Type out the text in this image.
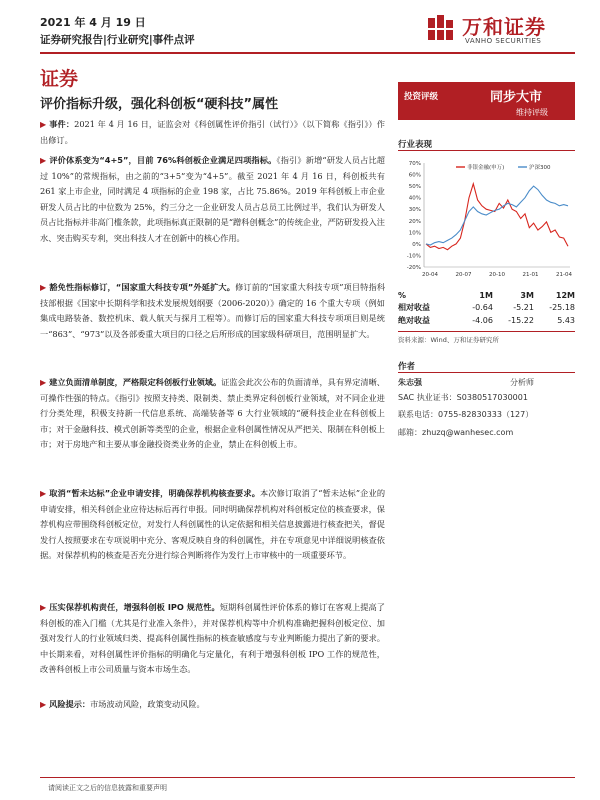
2021 年 4 月 19 日
证券研究报告|行业研究|事件点评
万和证券
VANHO SECURITIES
证券
评价指标升级，强化科创板“硬科技”属性
▶ 事件：2021 年 4 月 16 日，证监会对《科创属性评价指引（试行）》（以下简称《指引》）作出修订。
▶ 评价体系变为“4+5”，目前 76%科创板企业满足四项指标。《指引》新增“研发人员占比超过 10%”的常规指标，由之前的“3+5”变为“4+5”。截至 2021 年 4 月 16 日，科创板共有 261 家上市企业，同时满足 4 项指标的企业 198 家，占比 75.86%。2019 年科创板上市企业研发人员占比的中位数为 25%，约三分之一企业研发人员占总员工比例过半，我们认为研发人员占比指标并非高门槛条款，此项指标真正限制的是“蹭科创概念”的传统企业，严防研发投入注水、突击购买专利，突出科技人才在创新中的核心作用。
▶ 豁免性指标修订，“国家重大科技专项”外延扩大。修订前的“国家重大科技专项”项目特指科技部根据《国家中长期科学和技术发展规划纲要（2006-2020）》确定的 16 个重大专项（例如集成电路装备、数控机床、载人航天与探月工程等）。而修订后的国家重大科技专项项目则是统一“863”、“973”以及各部委重大项目的口径之后所形成的国家级科研项目，范围明显扩大。
▶ 建立负面清单制度，严格限定科创板行业领域。证监会此次公布的负面清单，具有界定清晰、可操作性强的特点。《指引》按照支持类、限制类、禁止类界定科创板行业领域，对不同企业进行分类处理，积极支持新一代信息系统、高端装备等 6 大行业领域的“硬科技企业在科创板上市；对于金融科技、模式创新等类型的企业，根据企业科创属性情况从严把关、限制在科创板上市；对于房地产和主要从事金融投资类业务的企业，禁止在科创板上市。
▶ 取消“暂未达标”企业申请安排，明确保荐机构核查要求。本次修订取消了“暂未达标”企业的申请安排，相关科创企业应待达标后再行申报。同时明确保荐机构对科创板定位的核查要求，保荐机构应带围绕科创板定位，对发行人科创属性的认定依据和相关信息披露进行核查把关，督促发行人按照要求在专项说明中充分、客观反映自身的科创属性，并在专项意见中详细说明核查依据。对保荐机构的核查是否充分进行综合判断将作为发行上市审核中的一项重要环节。
▶ 压实保荐机构责任，增强科创板 IPO 规范性。短期科创属性评价体系的修订在客观上提高了科创板的准入门槛（尤其是行业准入条件），并对保荐机构等中介机构准确把握科创板定位、加强对发行人的行业领域归类、提高科创属性指标的核查敏感度与专业判断能力提出了新的要求。中长期来看，对科创属性评价指标的明确化与定量化，有利于增强科创板 IPO 工作的规范性，改善科创板上市公司质量与资本市场生态。
▶ 风险提示：市场波动风险，政策变动风险。
投资评级	同步大市
维持评级
行业表现
-20%
-10%
0%
10%
20%
30%
40%
50%
60%
70%
20-04	20-07	20-10	21-01	21-04
非银金融(申万)	沪深300
%	1M	3M	12M
相对收益	-0.64	-5.21	-25.18
绝对收益	-4.06	-15.22	5.43
资料来源：Wind、万和证券研究所
作者
朱志强	分析师
SAC 执业证书：S0380517030001
联系电话：0755-82830333（127）
邮箱：zhuzq@wanhesec.com
请阅读正文之后的信息披露和重要声明
